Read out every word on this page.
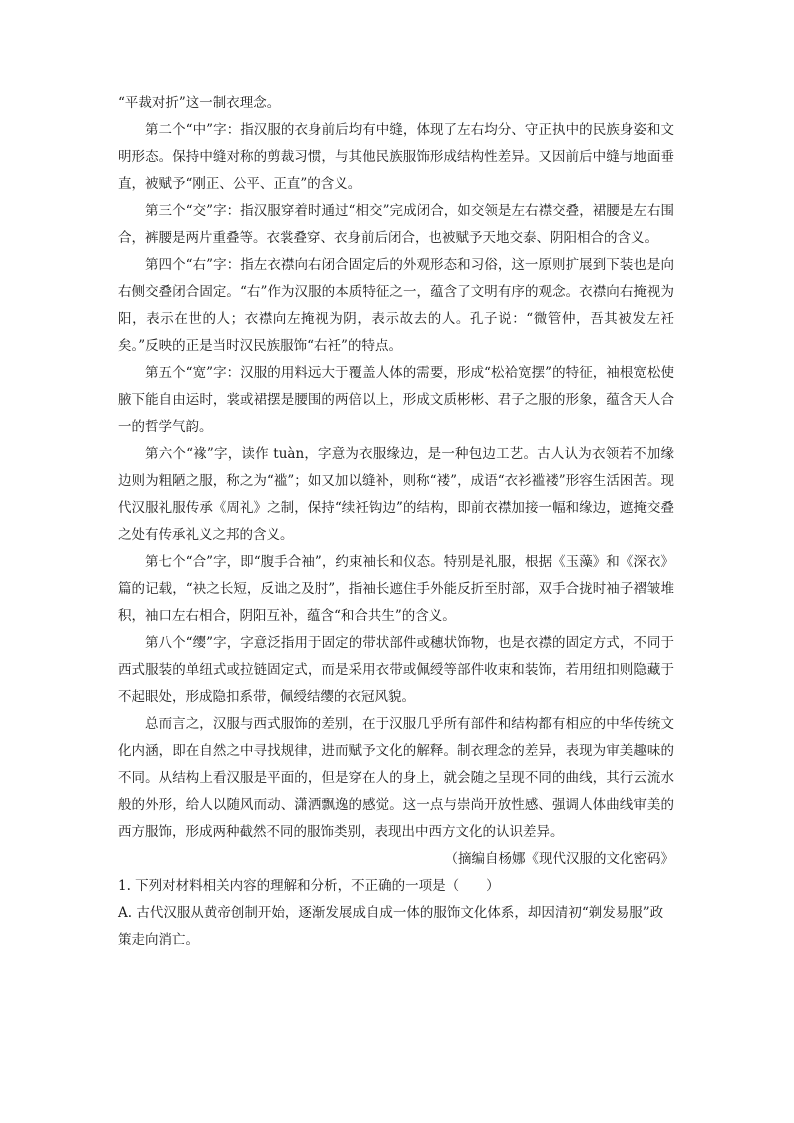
“平裁对折”这一制衣理念。

第二个“中”字：指汉服的衣身前后均有中缝，体现了左右均分、守正执中的民族身姿和文明形态。保持中缝对称的剪裁习惯，与其他民族服饰形成结构性差异。又因前后中缝与地面垂直，被赋予“刚正、公平、正直”的含义。

第三个“交”字：指汉服穿着时通过“相交”完成闭合，如交领是左右襟交叠，裙腰是左右围合，裤腰是两片重叠等。衣裳叠穿、衣身前后闭合，也被赋予天地交泰、阴阳相合的含义。

第四个“右”字：指左衣襟向右闭合固定后的外观形态和习俗，这一原则扩展到下装也是向右侧交叠闭合固定。“右”作为汉服的本质特征之一，蕴含了文明有序的观念。衣襟向右掩视为阳，表示在世的人；衣襟向左掩视为阴，表示故去的人。孔子说：“微管仲，吾其被发左衽矣。”反映的正是当时汉民族服饰“右衽”的特点。

第五个“宽”字：汉服的用料远大于覆盖人体的需要，形成“松袷宽摆”的特征，袖根宽松使腋下能自由运时，裳或裙摆是腰围的两倍以上，形成文质彬彬、君子之服的形象，蕴含天人合一的哲学气韵。

第六个“褖”字，读作 tuàn，字意为衣服缘边，是一种包边工艺。古人认为衣领若不加缘边则为粗陋之服，称之为“褴”；如又加以缝补，则称“褛”，成语“衣衫褴褛”形容生活困苦。现代汉服礼服传承《周礼》之制，保持“续衽钩边”的结构，即前衣襟加接一幅和缘边，遮掩交叠之处有传承礼义之邦的含义。

第七个“合”字，即“腹手合袖”，约束袖长和仪态。特别是礼服，根据《玉藻》和《深衣》篇的记载，“袂之长短，反诎之及肘”，指袖长遮住手外能反折至肘部，双手合拢时袖子褶皱堆积，袖口左右相合，阴阳互补，蕴含“和合共生”的含义。

第八个“缨”字，字意泛指用于固定的带状部件或穗状饰物，也是衣襟的固定方式，不同于西式服装的单纽式或拉链固定式，而是采用衣带或佩绶等部件收束和装饰，若用纽扣则隐藏于不起眼处，形成隐扣系带，佩绶结缨的衣冠风貌。

总而言之，汉服与西式服饰的差别，在于汉服几乎所有部件和结构都有相应的中华传统文化内涵，即在自然之中寻找规律，进而赋予文化的解释。制衣理念的差异，表现为审美趣味的不同。从结构上看汉服是平面的，但是穿在人的身上，就会随之呈现不同的曲线，其行云流水般的外形，给人以随风而动、潇洒飘逸的感觉。这一点与崇尚开放性感、强调人体曲线审美的西方服饰，形成两种截然不同的服饰类别，表现出中西方文化的认识差异。

（摘编自杨娜《现代汉服的文化密码》

1. 下列对材料相关内容的理解和分析，不正确的一项是（　　）

A. 古代汉服从黄帝创制开始，逐渐发展成自成一体的服饰文化体系，却因清初“剃发易服”政策走向消亡。
